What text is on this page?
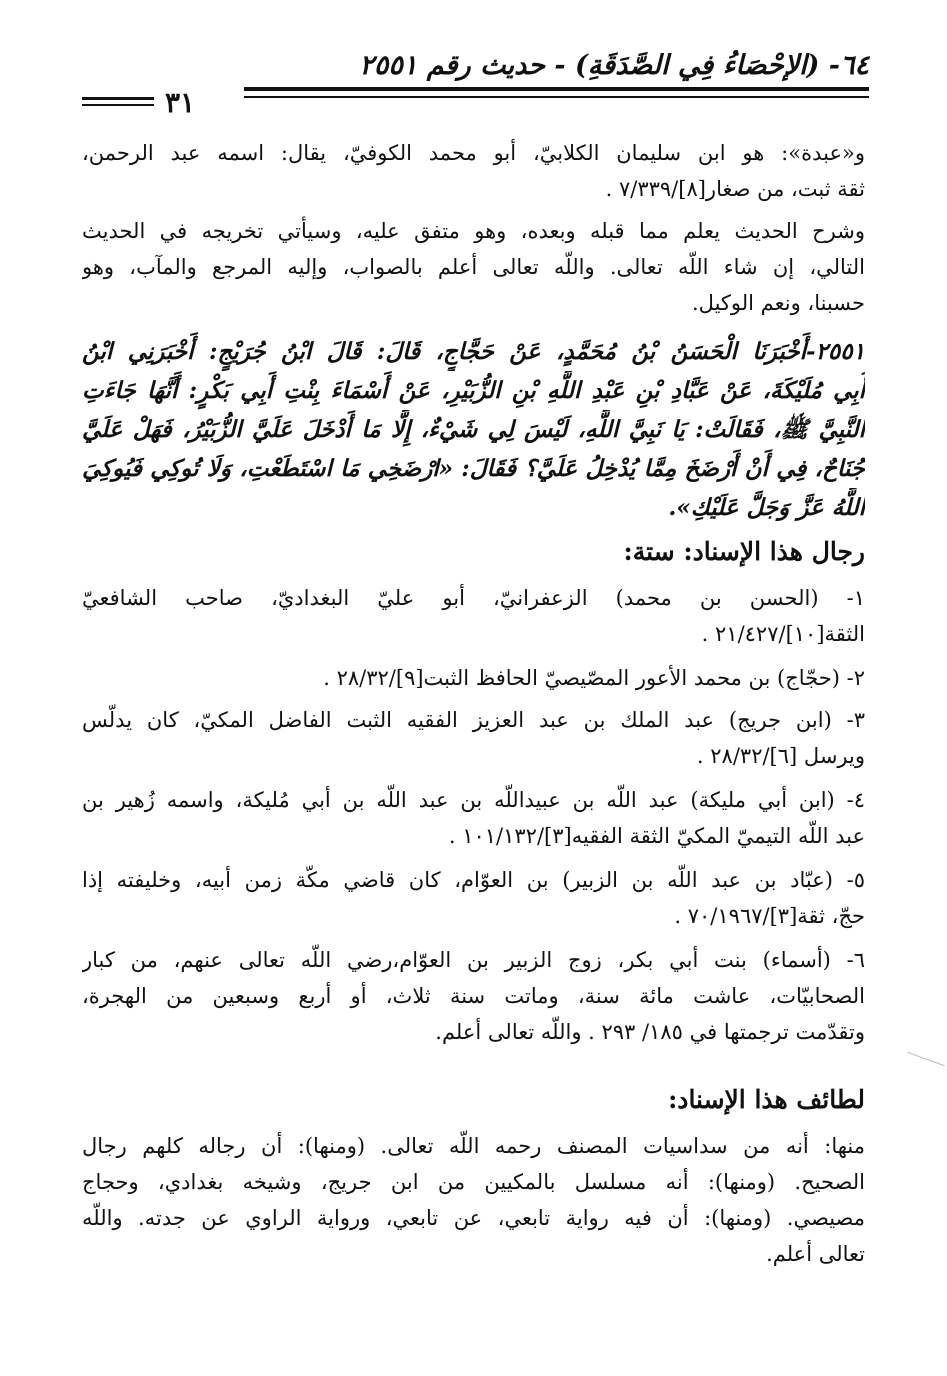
٦٤- (الإحْصَاءُ فِي الصَّدَقَةِ) - حديث رقم ٢٥٥١
٣١
و«عبدة»: هو ابن سليمان الكلابيّ، أبو محمد الكوفيّ، يقال: اسمه عبد الرحمن،
ثقة ثبت، من صغار[٨]/٧/٣٣٩ .
وشرح الحديث يعلم مما قبله وبعده، وهو متفق عليه، وسيأتي تخريجه في الحديث
التالي، إن شاء اللّه تعالى. واللّه تعالى أعلم بالصواب، وإليه المرجع والمآب، وهو
حسبنا، ونعم الوكيل.
٢٥٥١-أَخْبَرَنَا الْحَسَنُ بْنُ مُحَمَّدٍ، عَنْ حَجَّاجٍ، قَالَ: قَالَ ابْنُ جُرَيْجٍ: أَخْبَرَنِي ابْنُ
أَبِي مُلَيْكَةَ، عَنْ عَبَّادِ بْنِ عَبْدِ اللَّهِ بْنِ الزُّبَيْرِ، عَنْ أَسْمَاءَ بِنْتِ أَبِي بَكْرٍ: أَنَّهَا جَاءَتِ
النَّبِيَّ ﷺ، فَقَالَتْ: يَا نَبِيَّ اللَّهِ، لَيْسَ لِي شَيْءٌ، إِلَّا مَا أَدْخَلَ عَلَيَّ الزُّبَيْرُ، فَهَلْ عَلَيَّ
جُنَاحٌ، فِي أَنْ أَرْضَخَ مِمَّا يُدْخِلُ عَلَيَّ؟ فَقَالَ: «ارْضَخِي مَا اسْتَطَعْتِ، وَلَا تُوكِي فَيُوكِيَ
اللَّهُ عَزَّ وَجَلَّ عَلَيْكِ».
رجال هذا الإسناد: ستة:
١- (الحسن بن محمد) الزعفرانيّ، أبو عليّ البغداديّ، صاحب الشافعيّ
الثقة[١٠]/٢١/٤٢٧ .
٢- (حجّاج) بن محمد الأعور المصّيصيّ الحافظ الثبت[٩]/٢٨/٣٢ .
٣- (ابن جريج) عبد الملك بن عبد العزيز الفقيه الثبت الفاضل المكيّ، كان يدلّس
ويرسل [٦]/٢٨/٣٢ .
٤- (ابن أبي مليكة) عبد اللّه بن عبيداللّه بن عبد اللّه بن أبي مُليكة، واسمه زُهير بن
عبد اللّه التيميّ المكيّ الثقة الفقيه[٣]/١٠١/١٣٢ .
٥- (عبّاد بن عبد اللّه بن الزبير) بن العوّام، كان قاضي مكّة زمن أبيه، وخليفته إذا
حجّ، ثقة[٣]/٧٠/١٩٦٧ .
٦- (أسماء) بنت أبي بكر، زوج الزبير بن العوّام،رضي اللّه تعالى عنهم، من كبار
الصحابيّات، عاشت مائة سنة، وماتت سنة ثلاث، أو أربع وسبعين من الهجرة،
وتقدّمت ترجمتها في ١٨٥/ ٢٩٣ . واللّه تعالى أعلم.
لطائف هذا الإسناد:
منها: أنه من سداسيات المصنف رحمه اللّه تعالى. (ومنها): أن رجاله كلهم رجال
الصحيح. (ومنها): أنه مسلسل بالمكيين من ابن جريج، وشيخه بغدادي، وحجاج
مصيصي. (ومنها): أن فيه رواية تابعي، عن تابعي، ورواية الراوي عن جدته. واللّه
تعالى أعلم.
